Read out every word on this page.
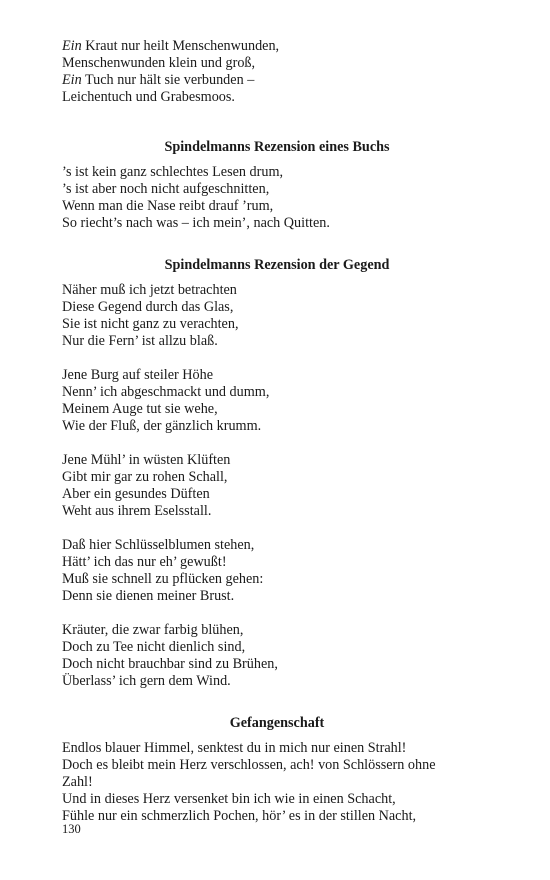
Ein Kraut nur heilt Menschenwunden,
Menschenwunden klein und groß,
Ein Tuch nur hält sie verbunden –
Leichentuch und Grabesmoos.
Spindelmanns Rezension eines Buchs
’s ist kein ganz schlechtes Lesen drum,
’s ist aber noch nicht aufgeschnitten,
Wenn man die Nase reibt drauf ’rum,
So riecht’s nach was – ich mein’, nach Quitten.
Spindelmanns Rezension der Gegend
Näher muß ich jetzt betrachten
Diese Gegend durch das Glas,
Sie ist nicht ganz zu verachten,
Nur die Fern’ ist allzu blaß.
Jene Burg auf steiler Höhe
Nenn’ ich abgeschmackt und dumm,
Meinem Auge tut sie wehe,
Wie der Fluß, der gänzlich krumm.
Jene Mühl’ in wüsten Klüften
Gibt mir gar zu rohen Schall,
Aber ein gesundes Düften
Weht aus ihrem Eselsstall.
Daß hier Schlüsselblumen stehen,
Hätt’ ich das nur eh’ gewußt!
Muß sie schnell zu pflücken gehen:
Denn sie dienen meiner Brust.
Kräuter, die zwar farbig blühen,
Doch zu Tee nicht dienlich sind,
Doch nicht brauchbar sind zu Brühen,
Überlass’ ich gern dem Wind.
Gefangenschaft
Endlos blauer Himmel, senktest du in mich nur einen Strahl!
Doch es bleibt mein Herz verschlossen, ach! von Schlössern ohne
Zahl!
Und in dieses Herz versenket bin ich wie in einen Schacht,
Fühle nur ein schmerzlich Pochen, hör’ es in der stillen Nacht,
130
